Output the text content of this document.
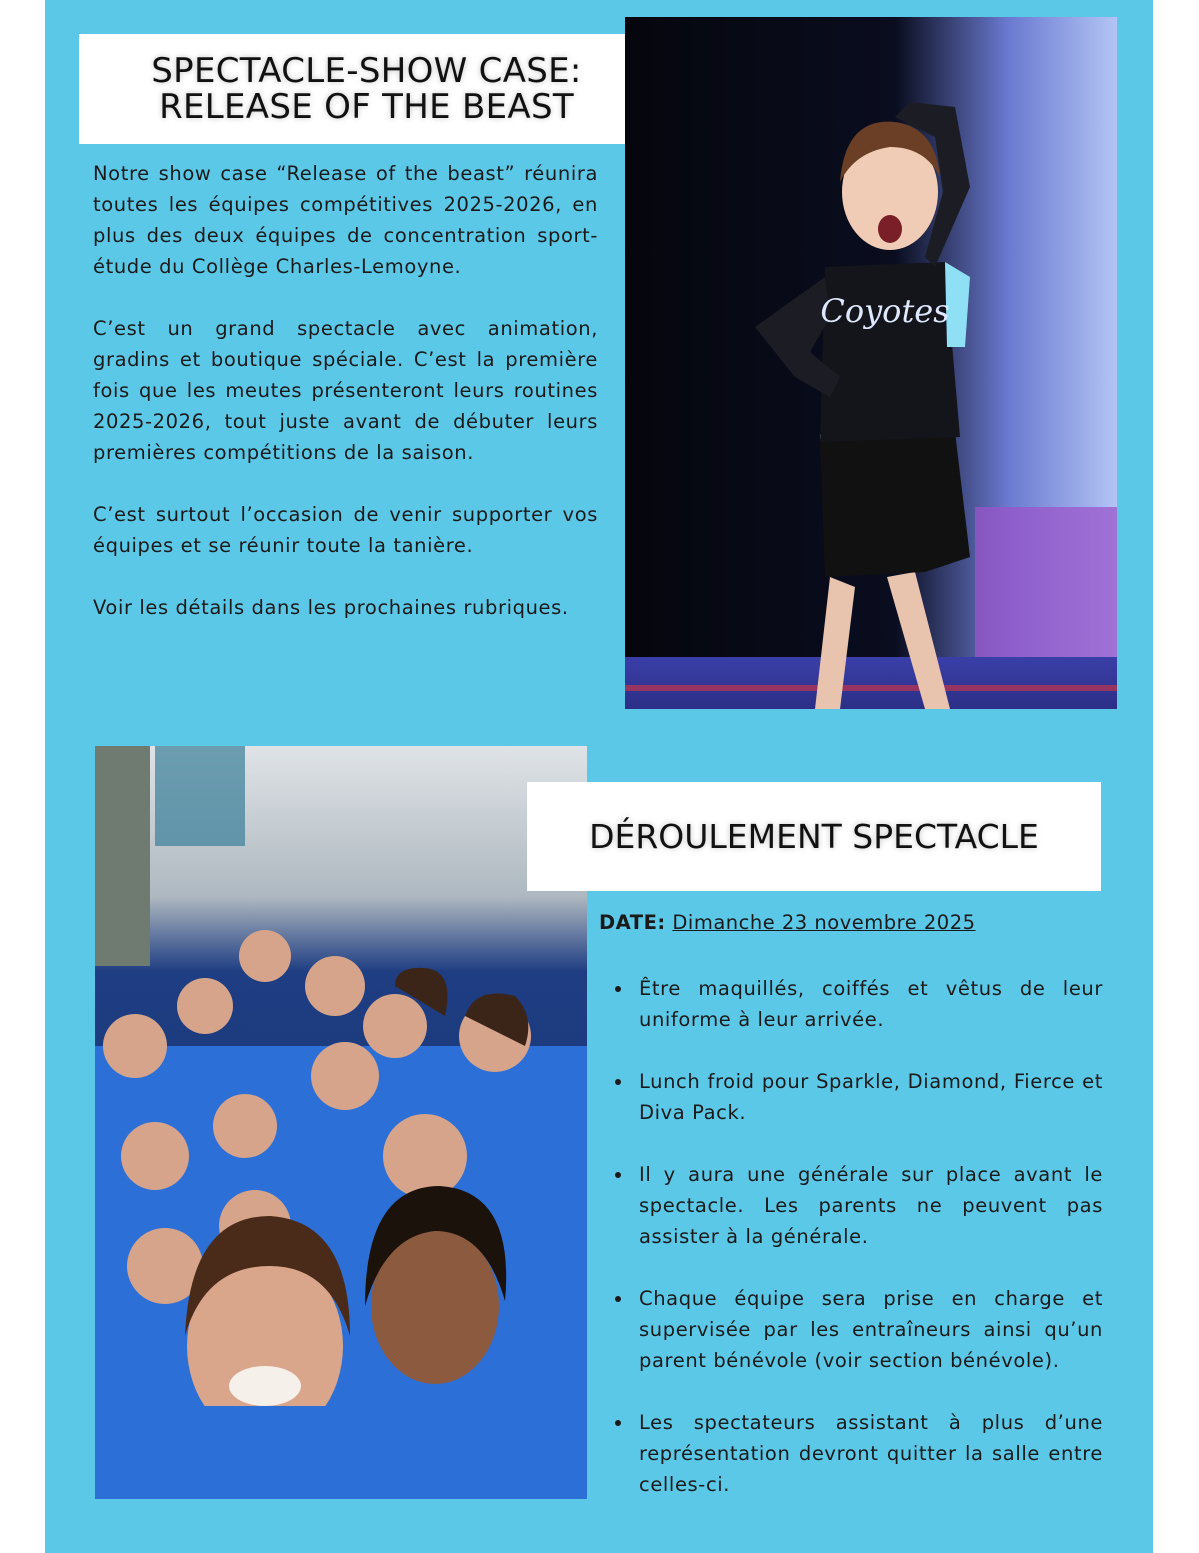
SPECTACLE-SHOW CASE:
RELEASE OF THE BEAST

Notre show case “Release of the beast” réunira toutes les équipes compétitives 2025-2026, en plus des deux équipes de concentration sport-étude du Collège Charles-Lemoyne.

C’est un grand spectacle avec animation, gradins et boutique spéciale. C’est la première fois que les meutes présenteront leurs routines 2025-2026, tout juste avant de débuter leurs premières compétitions de la saison.

C’est surtout l’occasion de venir supporter vos équipes et se réunir toute la tanière.

Voir les détails dans les prochaines rubriques.

Coyotes
DÉROULEMENT SPECTACLE
DATE: Dimanche 23 novembre 2025
Être maquillés, coiffés et vêtus de leur uniforme à leur arrivée.
Lunch froid pour Sparkle, Diamond, Fierce et Diva Pack.
Il y aura une générale sur place avant le spectacle. Les parents ne peuvent pas assister à la générale.
Chaque équipe sera prise en charge et supervisée par les entraîneurs ainsi qu’un parent bénévole (voir section bénévole).
Les spectateurs assistant à plus d’une représentation devront quitter la salle entre celles-ci.
